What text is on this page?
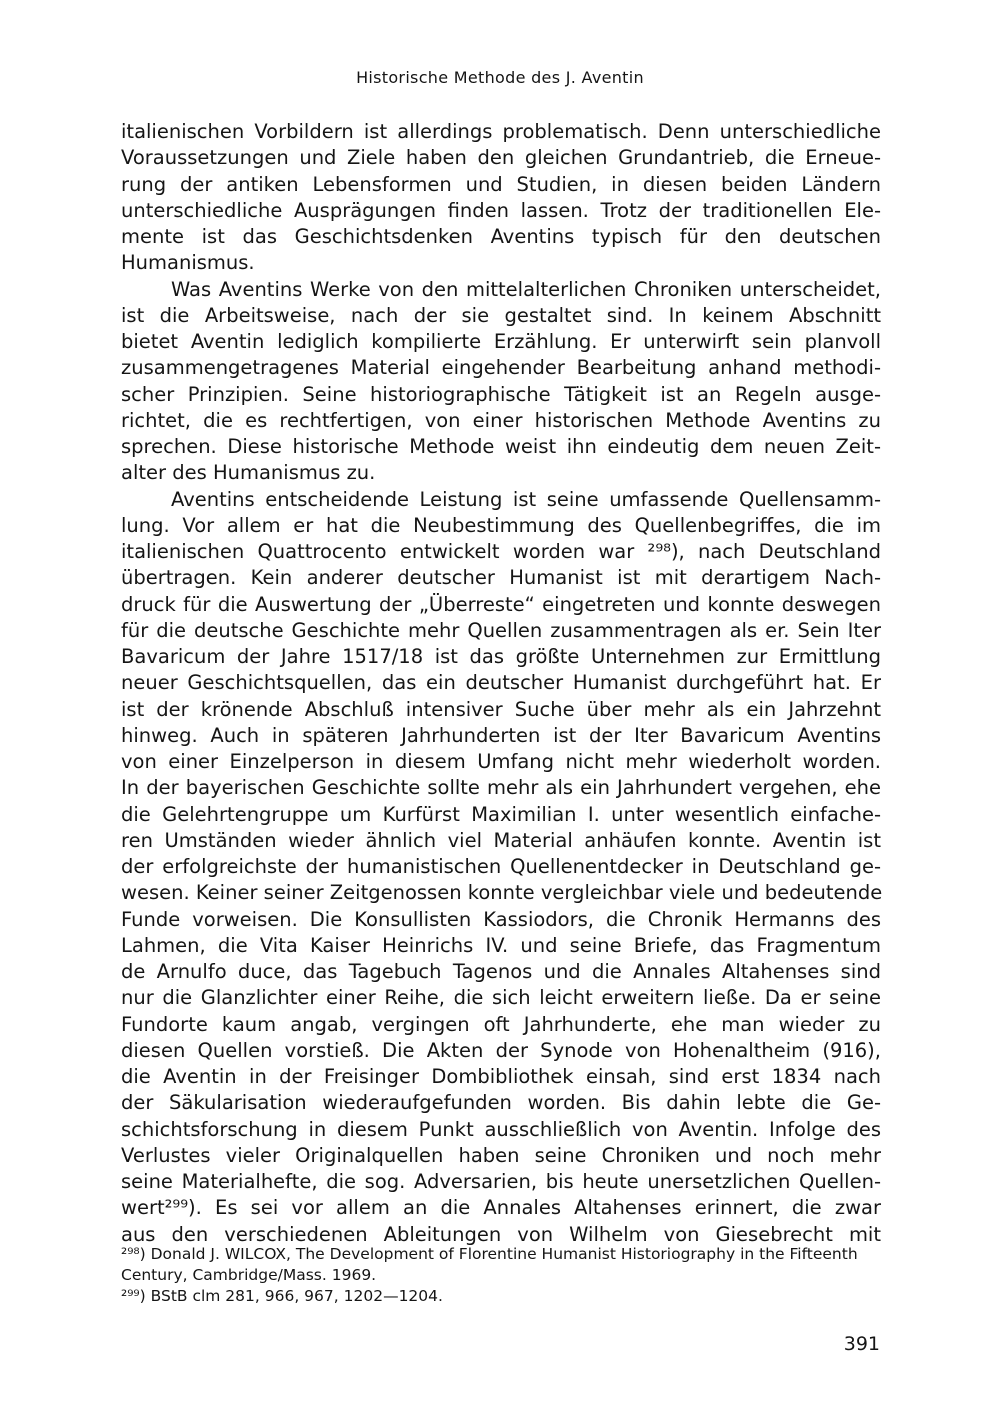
Historische Methode des J. Aventin
italienischen Vorbildern ist allerdings problematisch. Denn unterschiedliche
Voraussetzungen und Ziele haben den gleichen Grundantrieb, die Erneue-
rung der antiken Lebensformen und Studien, in diesen beiden Ländern
unterschiedliche Ausprägungen finden lassen. Trotz der traditionellen Ele-
mente ist das Geschichtsdenken Aventins typisch für den deutschen
Humanismus.
Was Aventins Werke von den mittelalterlichen Chroniken unterscheidet,
ist die Arbeitsweise, nach der sie gestaltet sind. In keinem Abschnitt
bietet Aventin lediglich kompilierte Erzählung. Er unterwirft sein planvoll
zusammengetragenes Material eingehender Bearbeitung anhand methodi-
scher Prinzipien. Seine historiographische Tätigkeit ist an Regeln ausge-
richtet, die es rechtfertigen, von einer historischen Methode Aventins zu
sprechen. Diese historische Methode weist ihn eindeutig dem neuen Zeit-
alter des Humanismus zu.
Aventins entscheidende Leistung ist seine umfassende Quellensamm-
lung. Vor allem er hat die Neubestimmung des Quellenbegriffes, die im
italienischen Quattrocento entwickelt worden war ²⁹⁸), nach Deutschland
übertragen. Kein anderer deutscher Humanist ist mit derartigem Nach-
druck für die Auswertung der „Überreste“ eingetreten und konnte deswegen
für die deutsche Geschichte mehr Quellen zusammentragen als er. Sein Iter
Bavaricum der Jahre 1517/18 ist das größte Unternehmen zur Ermittlung
neuer Geschichtsquellen, das ein deutscher Humanist durchgeführt hat. Er
ist der krönende Abschluß intensiver Suche über mehr als ein Jahrzehnt
hinweg. Auch in späteren Jahrhunderten ist der Iter Bavaricum Aventins
von einer Einzelperson in diesem Umfang nicht mehr wiederholt worden.
In der bayerischen Geschichte sollte mehr als ein Jahrhundert vergehen, ehe
die Gelehrtengruppe um Kurfürst Maximilian I. unter wesentlich einfache-
ren Umständen wieder ähnlich viel Material anhäufen konnte. Aventin ist
der erfolgreichste der humanistischen Quellenentdecker in Deutschland ge-
wesen. Keiner seiner Zeitgenossen konnte vergleichbar viele und bedeutende
Funde vorweisen. Die Konsullisten Kassiodors, die Chronik Hermanns des
Lahmen, die Vita Kaiser Heinrichs IV. und seine Briefe, das Fragmentum
de Arnulfo duce, das Tagebuch Tagenos und die Annales Altahenses sind
nur die Glanzlichter einer Reihe, die sich leicht erweitern ließe. Da er seine
Fundorte kaum angab, vergingen oft Jahrhunderte, ehe man wieder zu
diesen Quellen vorstieß. Die Akten der Synode von Hohenaltheim (916),
die Aventin in der Freisinger Dombibliothek einsah, sind erst 1834 nach
der Säkularisation wiederaufgefunden worden. Bis dahin lebte die Ge-
schichtsforschung in diesem Punkt ausschließlich von Aventin. Infolge des
Verlustes vieler Originalquellen haben seine Chroniken und noch mehr
seine Materialhefte, die sog. Adversarien, bis heute unersetzlichen Quellen-
wert²⁹⁹). Es sei vor allem an die Annales Altahenses erinnert, die zwar
aus den verschiedenen Ableitungen von Wilhelm von Giesebrecht mit
²⁹⁸) Donald J. WILCOX, The Development of Florentine Humanist Historiography in the Fifteenth Century, Cambridge/Mass. 1969.
²⁹⁹) BStB clm 281, 966, 967, 1202—1204.
391
